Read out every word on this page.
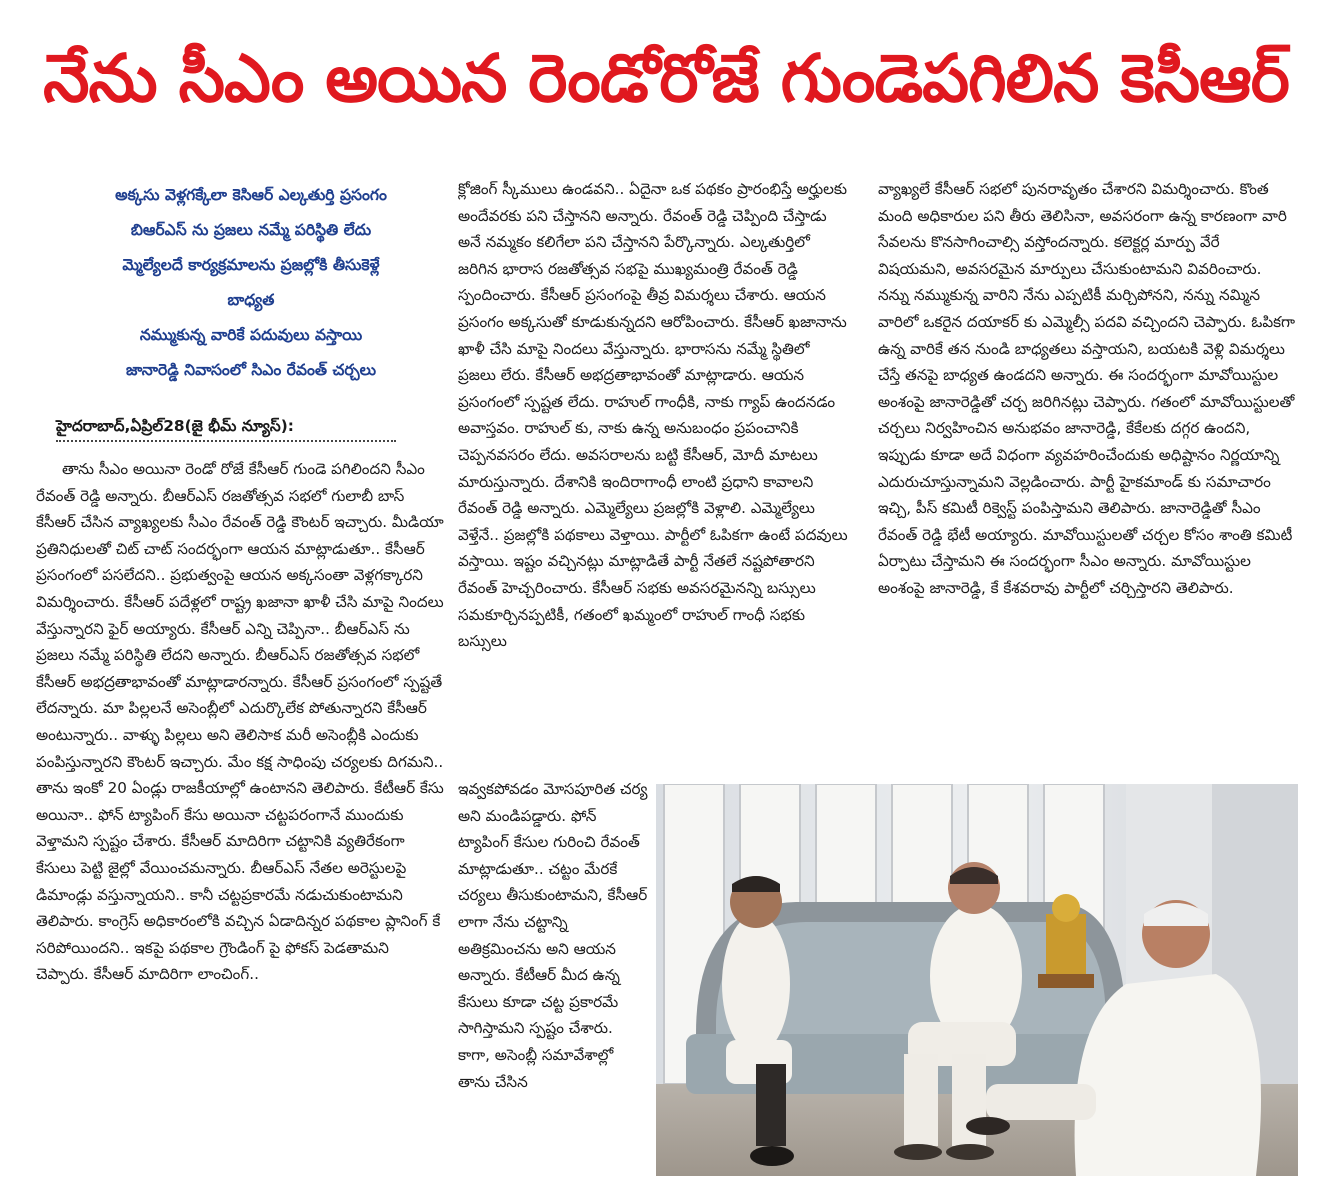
నేను సీఎం అయిన రెండోరోజే గుండెపగిలిన కెసీఆర్
అక్కసు వెళ్లగక్కేలా కెసిఆర్ ఎల్కతుర్తి ప్రసంగం
బిఆర్ఎస్ ను ప్రజలు నమ్మే పరిస్థితి లేదు
మ్మెల్యేలదే కార్యక్రమాలను ప్రజల్లోకి తీసుకెళ్లే
బాధ్యత
నమ్ముకున్న వారికే పదువులు వస్తాయి
జానారెడ్డి నివాసంలో సిఎం రేవంత్ చర్చలు
హైదరాబాద్,ఏప్రిల్28(జై భీమ్ న్యూస్):

తాను సీఎం అయినా రెండో రోజే కేసీఆర్ గుండె పగిలిందని సీఎం రేవంత్ రెడ్డి అన్నారు. బీఆర్ఎస్ రజతోత్సవ సభలో గులాబీ బాస్ కేసీఆర్ చేసిన వ్యాఖ్యలకు సీఎం రేవంత్ రెడ్డి కౌంటర్ ఇచ్చారు. మీడియా ప్రతినిధులతో చిట్ చాట్ సందర్భంగా ఆయన మాట్లాడుతూ.. కేసీఆర్ ప్రసంగంలో పసలేదని.. ప్రభుత్వంపై ఆయన అక్కసంతా వెళ్లగక్కారని విమర్శించారు. కేసీఆర్ పదేళ్లలో రాష్ట్ర ఖజానా ఖాళీ చేసి మాపై నిందలు వేస్తున్నారని ఫైర్ అయ్యారు. కేసీఆర్ ఎన్ని చెప్పినా.. బీఆర్ఎస్ ను ప్రజలు నమ్మే పరిస్థితి లేదని అన్నారు. బీఆర్ఎస్ రజతోత్సవ సభలో కేసీఆర్ అభద్రతాభావంతో మాట్లాడారన్నారు. కేసీఆర్ ప్రసంగంలో స్పష్టతే లేదన్నారు. మా పిల్లలనే అసెంబ్లీలో ఎదుర్కొలేక పోతున్నారని కేసీఆర్ అంటున్నారు.. వాళ్ళు పిల్లలు అని తెలిసాక మరీ అసెంబ్లీకి ఎందుకు పంపిస్తున్నారని కౌంటర్ ఇచ్చారు. మేం కక్ష సాధింపు చర్యలకు దిగమని.. తాను ఇంకో 20 ఏండ్లు రాజకీయాల్లో ఉంటానని తెలిపారు. కేటీఆర్ కేసు అయినా.. ఫోన్ ట్యాపింగ్ కేసు అయినా చట్టపరంగానే ముందుకు వెళ్తామని స్పష్టం చేశారు. కేసీఆర్ మాదిరిగా చట్టానికి వ్యతిరేకంగా కేసులు పెట్టి జైల్లో వేయించమన్నారు. బీఆర్ఎస్ నేతల అరెస్టులపై డిమాండ్లు వస్తున్నాయని.. కానీ చట్టప్రకారమే నడుచుకుంటామని తెలిపారు. కాంగ్రెస్ అధికారంలోకి వచ్చిన ఏడాదిన్నర పథకాల ప్లానింగ్ కే సరిపోయిందని.. ఇకపై పథకాల గ్రౌండింగ్ పై ఫోకస్ పెడతామని చెప్పారు. కేసీఆర్ మాదిరిగా లాంచింగ్..

క్లోజింగ్ స్కీములు ఉండవని.. ఏదైనా ఒక పథకం ప్రారంభిస్తే అర్హులకు అందేవరకు పని చేస్తానని అన్నారు. రేవంత్ రెడ్డి చెప్పింది చేస్తాడు అనే నమ్మకం కలిగేలా పని చేస్తానని పేర్కొన్నారు. ఎల్కతుర్తిలో జరిగిన భారాస రజతోత్సవ సభపై ముఖ్యమంత్రి రేవంత్ రెడ్డి స్పందించారు. కేసీఆర్ ప్రసంగంపై తీవ్ర విమర్శలు చేశారు. ఆయన ప్రసంగం అక్కసుతో కూడుకున్నదని ఆరోపించారు. కేసీఆర్ ఖజానాను ఖాళీ చేసి మాపై నిందలు వేస్తున్నారు. భారాసను నమ్మే స్థితిలో ప్రజలు లేరు. కేసీఆర్ అభద్రతాభావంతో మాట్లాడారు. ఆయన ప్రసంగంలో స్పష్టత లేదు. రాహుల్ గాంధీకి, నాకు గ్యాప్ ఉందనడం అవాస్తవం. రాహుల్ కు, నాకు ఉన్న అనుబంధం ప్రపంచానికి చెప్పనవసరం లేదు. అవసరాలను బట్టి కేసీఆర్, మోదీ మాటలు మారుస్తున్నారు. దేశానికి ఇందిరాగాంధీ లాంటి ప్రధాని కావాలని రేవంత్ రెడ్డి అన్నారు. ఎమ్మెల్యేలు ప్రజల్లోకి వెళ్లాలి. ఎమ్మెల్యేలు వెళ్తేనే.. ప్రజల్లోకి పథకాలు వెళ్తాయి. పార్టీలో ఓపికగా ఉంటే పదవులు వస్తాయి. ఇష్టం వచ్చినట్లు మాట్లాడితే పార్టీ నేతలే నష్టపోతారని రేవంత్ హెచ్చరించారు. కేసీఆర్ సభకు అవసరమైనన్ని బస్సులు సమకూర్చినప్పటికీ, గతంలో ఖమ్మంలో రాహుల్ గాంధీ సభకు బస్సులు

ఇవ్వకపోవడం మోసపూరిత చర్య అని మండిపడ్డారు. ఫోన్ ట్యాపింగ్ కేసుల గురించి రేవంత్ మాట్లాడుతూ.. చట్టం మేరకే చర్యలు తీసుకుంటామని, కేసీఆర్ లాగా నేను చట్టాన్ని అతిక్రమించను అని ఆయన అన్నారు. కేటీఆర్ మీద ఉన్న కేసులు కూడా చట్ట ప్రకారమే సాగిస్తామని స్పష్టం చేశారు. కాగా, అసెంబ్లీ సమావేశాల్లో తాను చేసిన

వ్యాఖ్యలే కేసీఆర్ సభలో పునరావృతం చేశారని విమర్శించారు. కొంత మంది అధికారుల పని తీరు తెలిసినా, అవసరంగా ఉన్న కారణంగా వారి సేవలను కొనసాగించాల్సి వస్తోందన్నారు. కలెక్టర్ల మార్పు వేరే విషయమని, అవసరమైన మార్పులు చేసుకుంటామని వివరించారు. నన్ను నమ్ముకున్న వారిని నేను ఎప్పటికీ మర్చిపోనని, నన్ను నమ్మిన వారిలో ఒకరైన దయాకర్ కు ఎమ్మెల్సీ పదవి వచ్చిందని చెప్పారు. ఓపికగా ఉన్న వారికే తన నుండి బాధ్యతలు వస్తాయని, బయటకి వెళ్లి విమర్శలు చేస్తే తనపై బాధ్యత ఉండదని అన్నారు. ఈ సందర్భంగా మావోయిస్టుల అంశంపై జానారెడ్డితో చర్చ జరిగినట్లు చెప్పారు. గతంలో మావోయిస్టులతో చర్చలు నిర్వహించిన అనుభవం జానారెడ్డి, కేకేలకు దగ్గర ఉందని, ఇప్పుడు కూడా అదే విధంగా వ్యవహరించేందుకు అధిష్టానం నిర్ణయాన్ని ఎదురుచూస్తున్నామని వెల్లడించారు. పార్టీ హైకమాండ్ కు సమాచారం ఇచ్చి, పీస్ కమిటీ రిక్వెస్ట్ పంపిస్తామని తెలిపారు. జానారెడ్డితో సీఎం రేవంత్ రెడ్డి భేటీ అయ్యారు. మావోయిస్టులతో చర్చల కోసం శాంతి కమిటీ ఏర్పాటు చేస్తామని ఈ సందర్భంగా సీఎం అన్నారు. మావోయిస్టుల అంశంపై జానారెడ్డి, కే కేశవరావు పార్టీలో చర్చిస్తారని తెలిపారు.
